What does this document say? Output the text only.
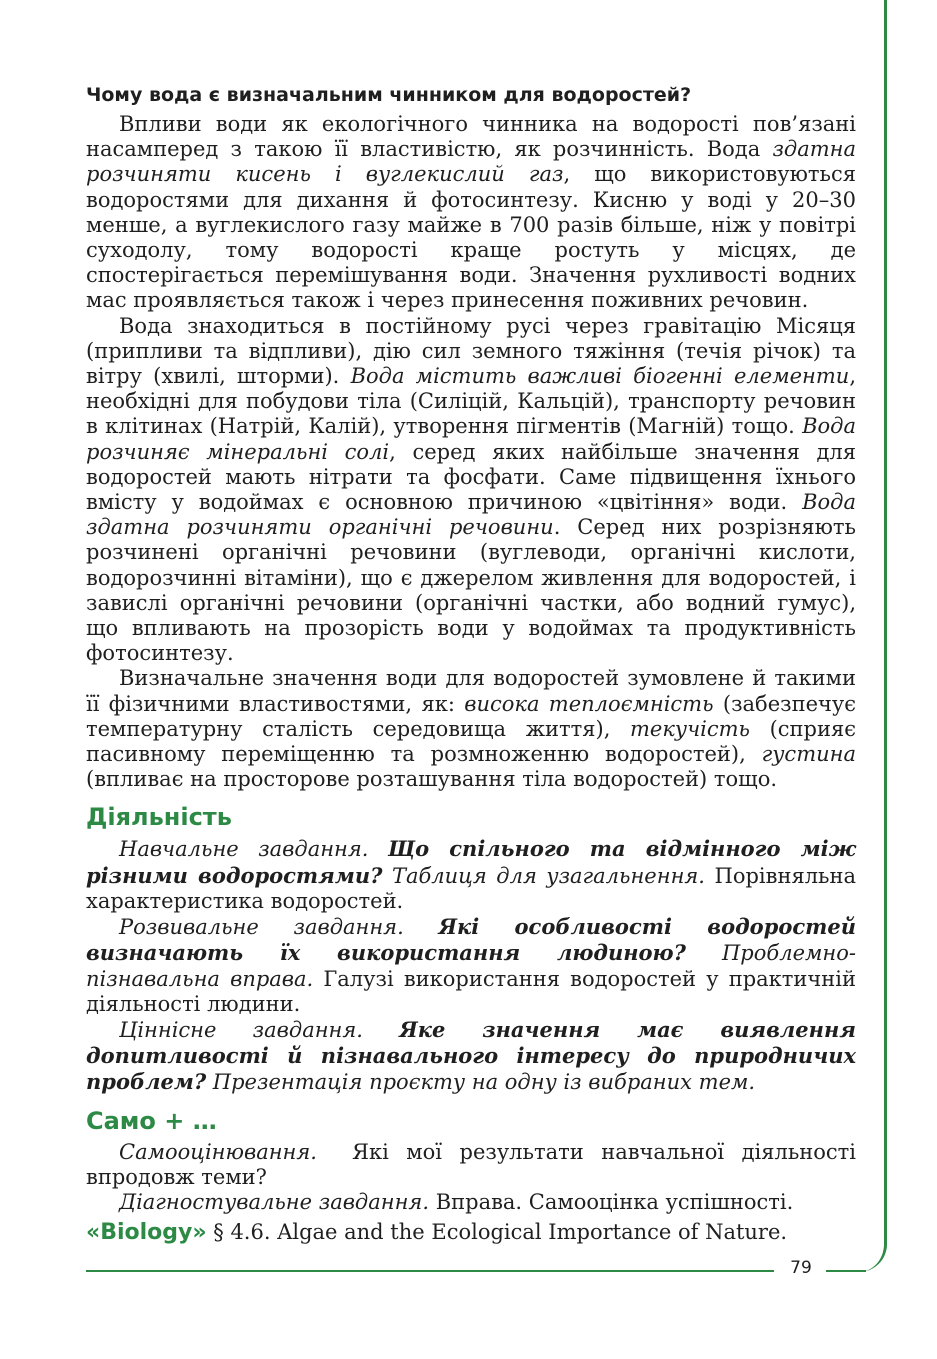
Чому вода є визначальним чинником для водоростей?

Впливи води як екологічного чинника на водорості пов’язані насамперед з такою її властивістю, як розчинність. Вода здатна розчиняти кисень і вуглекислий газ, що використовуються водоростями для дихання й фотосинтезу. Кисню у воді у 20–30 менше, а вуглекислого газу майже в 700 разів більше, ніж у повітрі суходолу, тому водорості краще ростуть у місцях, де спостерігається перемішування води. Значення рухливості водних мас проявляється також і через принесення поживних речовин.

Вода знаходиться в постійному русі через гравітацію Місяця (припливи та відпливи), дію сил земного тяжіння (течія річок) та вітру (хвилі, шторми). Вода містить важливі біогенні елементи, необхідні для побудови тіла (Силіцій, Кальцій), транспорту речовин в клітинах (Натрій, Калій), утворення пігментів (Магній) тощо. Вода розчиняє мінеральні солі, серед яких найбільше значення для водоростей мають нітрати та фосфати. Саме підвищення їхнього вмісту у водоймах є основною причиною «цвітіння» води. Вода здатна розчиняти органічні речовини. Серед них розрізняють розчинені органічні речовини (вуглеводи, органічні кислоти, водорозчинні вітаміни), що є джерелом живлення для водоростей, і завислі органічні речовини (органічні частки, або водний гумус), що впливають на прозорість води у водоймах та продуктивність фотосинтезу.

Визначальне значення води для водоростей зумовлене й такими її фізичними властивостями, як: висока теплоємність (забезпечує температурну сталість середовища життя), текучість (сприяє пасивному переміщенню та розмноженню водоростей), густина (впливає на просторове розташування тіла водоростей) тощо.

Діяльність

Навчальне завдання. Що спільного та відмінного між різними водоростями? Таблиця для узагальнення. Порівняльна характеристика водоростей.

Розвивальне завдання. Які особливості водоростей визначають їх використання людиною? Проблемно-пізнавальна вправа. Галузі використання водоростей у практичній діяльності людини.

Ціннісне завдання. Яке значення має виявлення допитливості й пізнавального інтересу до природничих проблем? Презентація проєкту на одну із вибраних тем.

Само + …

Самооцінювання.  Які мої результати навчальної діяльності впродовж теми?

Діагностувальне завдання. Вправа. Самооцінка успішності.

«Biology» § 4.6. Algae and the Ecological Importance of Nature.
79
